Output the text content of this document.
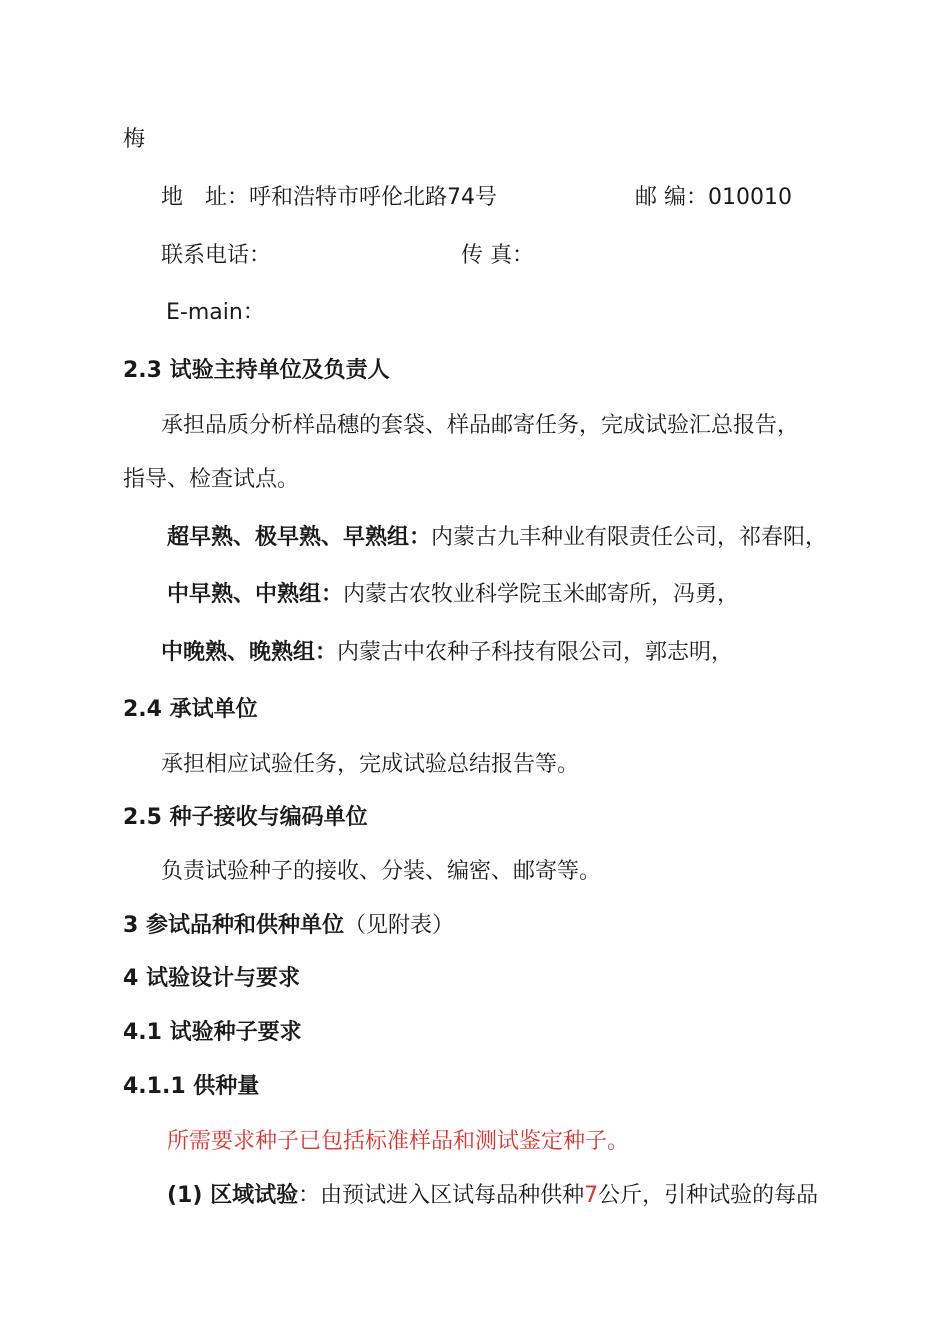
梅
地　址：呼和浩特市呼伦北路74号	邮 编：010010
联系电话：	传 真：
E-main：
2.3 试验主持单位及负责人
承担品质分析样品穗的套袋、样品邮寄任务，完成试验汇总报告，
指导、检查试点。
超早熟、极早熟、早熟组：内蒙古九丰种业有限责任公司，祁春阳，
中早熟、中熟组：内蒙古农牧业科学院玉米邮寄所，冯勇，
中晚熟、晚熟组：内蒙古中农种子科技有限公司，郭志明，
2.4 承试单位
承担相应试验任务，完成试验总结报告等。
2.5 种子接收与编码单位
负责试验种子的接收、分装、编密、邮寄等。
3 参试品种和供种单位（见附表）
4 试验设计与要求
4.1 试验种子要求
4.1.1 供种量
所需要求种子已包括标准样品和测试鉴定种子。
(1) 区域试验：由预试进入区试每品种供种7公斤，引种试验的每品
